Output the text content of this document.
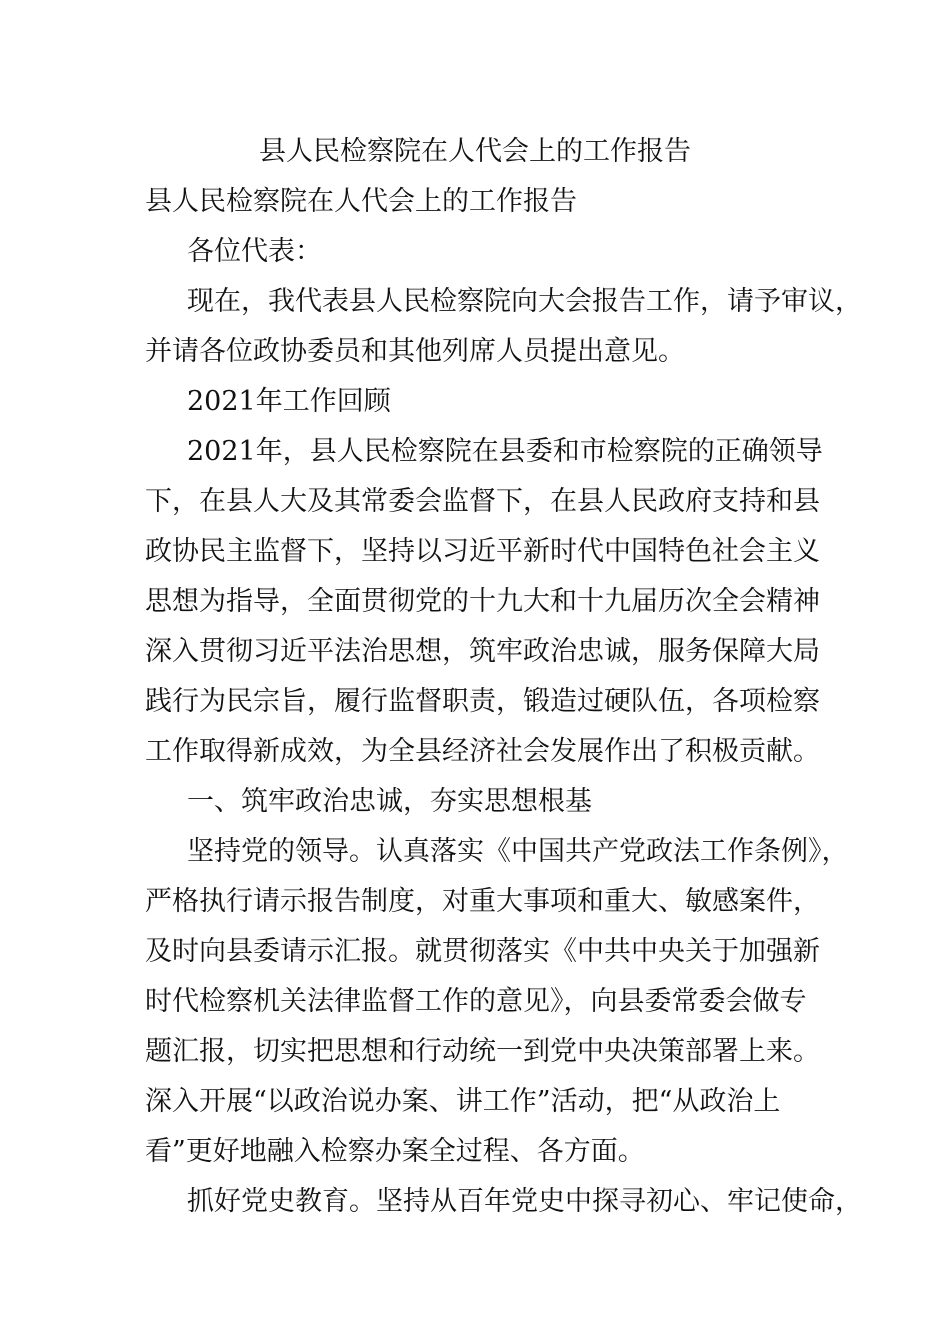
县人民检察院在人代会上的工作报告
县人民检察院在人代会上的工作报告
各位代表：
现在，我代表县人民检察院向大会报告工作，请予审议，
并请各位政协委员和其他列席人员提出意见。
2021年工作回顾
2021年，县人民检察院在县委和市检察院的正确领导
下，在县人大及其常委会监督下，在县人民政府支持和县
政协民主监督下，坚持以习近平新时代中国特色社会主义
思想为指导，全面贯彻党的十九大和十九届历次全会精神
深入贯彻习近平法治思想，筑牢政治忠诚，服务保障大局
践行为民宗旨，履行监督职责，锻造过硬队伍，各项检察
工作取得新成效，为全县经济社会发展作出了积极贡献。
一、筑牢政治忠诚，夯实思想根基
坚持党的领导。认真落实《中国共产党政法工作条例》，
严格执行请示报告制度，对重大事项和重大、敏感案件，
及时向县委请示汇报。就贯彻落实《中共中央关于加强新
时代检察机关法律监督工作的意见》，向县委常委会做专
题汇报，切实把思想和行动统一到党中央决策部署上来。
深入开展“以政治说办案、讲工作”活动，把“从政治上
看”更好地融入检察办案全过程、各方面。
抓好党史教育。坚持从百年党史中探寻初心、牢记使命，
